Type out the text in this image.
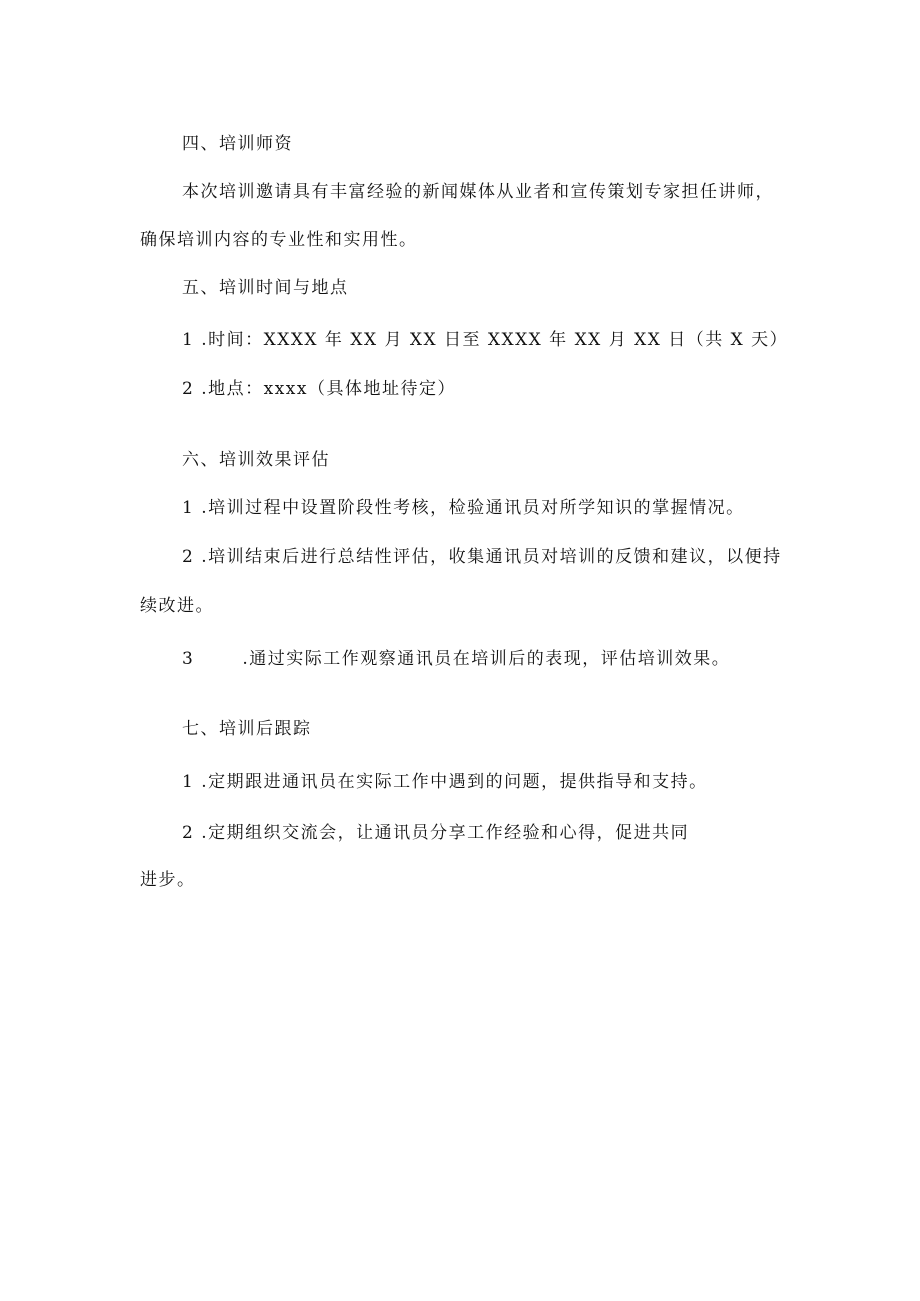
四、培训师资
本次培训邀请具有丰富经验的新闻媒体从业者和宣传策划专家担任讲师，
确保培训内容的专业性和实用性。
五、培训时间与地点
1 .时间：XXXX 年 XX 月 XX 日至 XXXX 年 XX 月 XX 日（共 X 天）
2 .地点：xxxx（具体地址待定）
六、培训效果评估
1 .培训过程中设置阶段性考核，检验通讯员对所学知识的掌握情况。
2 .培训结束后进行总结性评估，收集通讯员对培训的反馈和建议，以便持
续改进。
3	.通过实际工作观察通讯员在培训后的表现，评估培训效果。
七、培训后跟踪
1 .定期跟进通讯员在实际工作中遇到的问题，提供指导和支持。
2 .定期组织交流会，让通讯员分享工作经验和心得，促进共同
进步。
